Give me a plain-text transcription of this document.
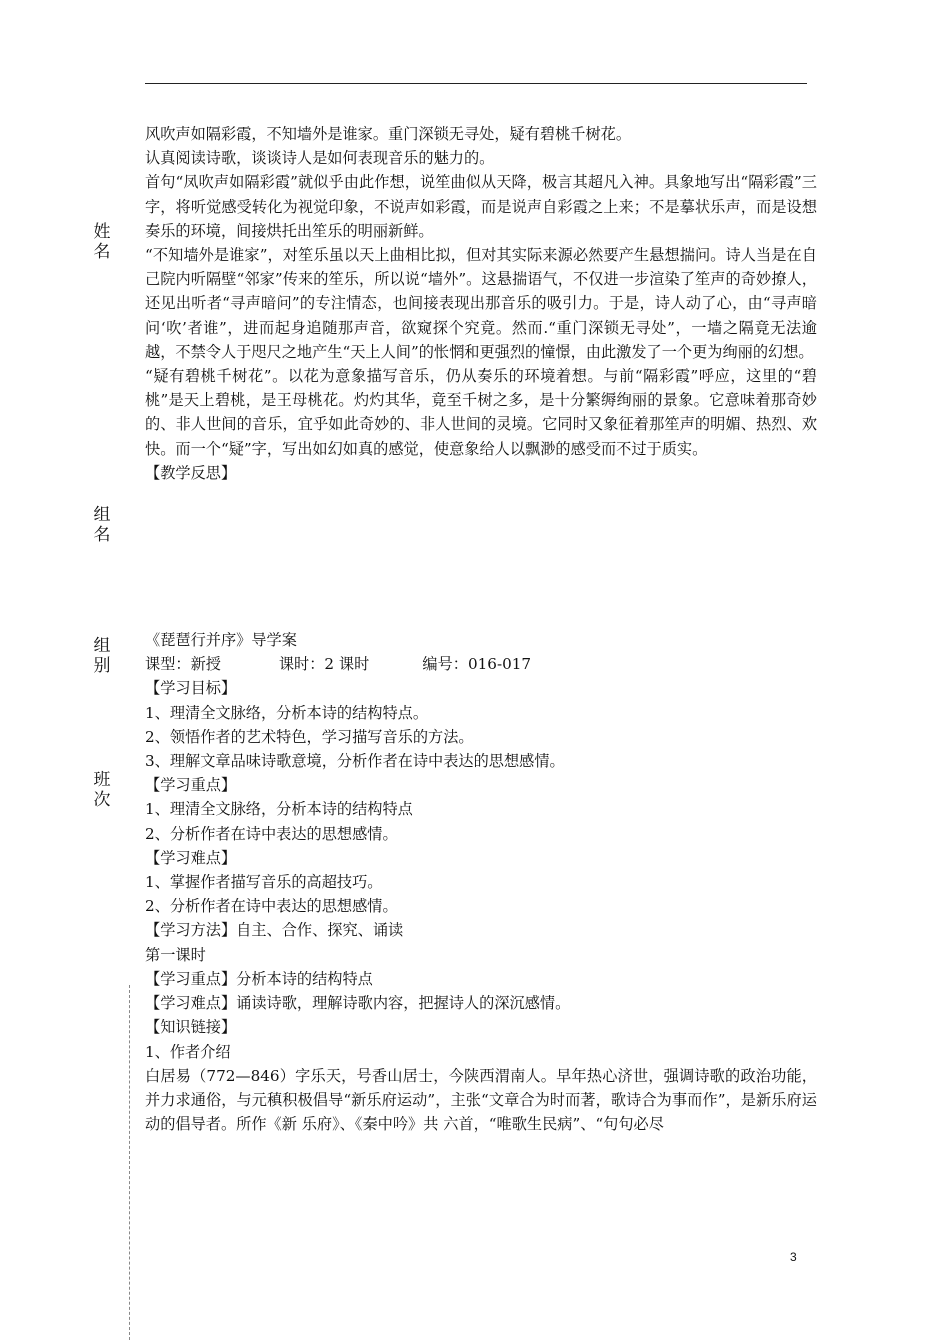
姓名
组名
组别
班次

风吹声如隔彩霞，不知墙外是谁家。重门深锁无寻处，疑有碧桃千树花。

认真阅读诗歌，谈谈诗人是如何表现音乐的魅力的。

首句“凤吹声如隔彩霞”就似乎由此作想，说笙曲似从天降，极言其超凡入神。具象地写出“隔彩霞”三字，将听觉感受转化为视觉印象，不说声如彩霞，而是说声自彩霞之上来；不是摹状乐声，而是设想奏乐的环境，间接烘托出笙乐的明丽新鲜。

“不知墙外是谁家”，对笙乐虽以天上曲相比拟，但对其实际来源必然要产生悬想揣问。诗人当是在自己院内听隔壁“邻家”传来的笙乐，所以说“墙外”。这悬揣语气，不仅进一步渲染了笙声的奇妙撩人，还见出听者“寻声暗问”的专注情态，也间接表现出那音乐的吸引力。于是，诗人动了心，由“寻声暗问‘吹’者谁”，进而起身追随那声音，欲窥探个究竟。然而.“重门深锁无寻处”，一墙之隔竟无法逾越，不禁令人于咫尺之地产生“天上人间”的怅惘和更强烈的憧憬，由此激发了一个更为绚丽的幻想。

“疑有碧桃千树花”。以花为意象描写音乐，仍从奏乐的环境着想。与前“隔彩霞”呼应，这里的“碧桃”是天上碧桃，是王母桃花。灼灼其华，竟至千树之多，是十分繁缛绚丽的景象。它意味着那奇妙的、非人世间的音乐，宜乎如此奇妙的、非人世间的灵境。它同时又象征着那笙声的明媚、热烈、欢快。而一个“疑”字，写出如幻如真的感觉，使意象给人以飘渺的感受而不过于质实。

【教学反思】

《琵琶行并序》导学案

课型：新授            课时：2 课时           编号：016-017

【学习目标】

1、理清全文脉络，分析本诗的结构特点。

2、领悟作者的艺术特色，学习描写音乐的方法。

3、理解文章品味诗歌意境，分析作者在诗中表达的思想感情。

【学习重点】

1、理清全文脉络，分析本诗的结构特点

2、分析作者在诗中表达的思想感情。

【学习难点】

1、掌握作者描写音乐的高超技巧。

2、分析作者在诗中表达的思想感情。

【学习方法】自主、合作、探究、诵读

第一课时

【学习重点】分析本诗的结构特点

【学习难点】诵读诗歌，理解诗歌内容，把握诗人的深沉感情。

【知识链接】

1、作者介绍

白居易（772—846）字乐天，号香山居士，今陕西渭南人。早年热心济世，强调诗歌的政治功能，并力求通俗，与元稹积极倡导“新乐府运动”，主张“文章合为时而著，歌诗合为事而作”，是新乐府运动的倡导者。所作《新 乐府》、《秦中吟》共 六首，“唯歌生民病”、“句句必尽

3
